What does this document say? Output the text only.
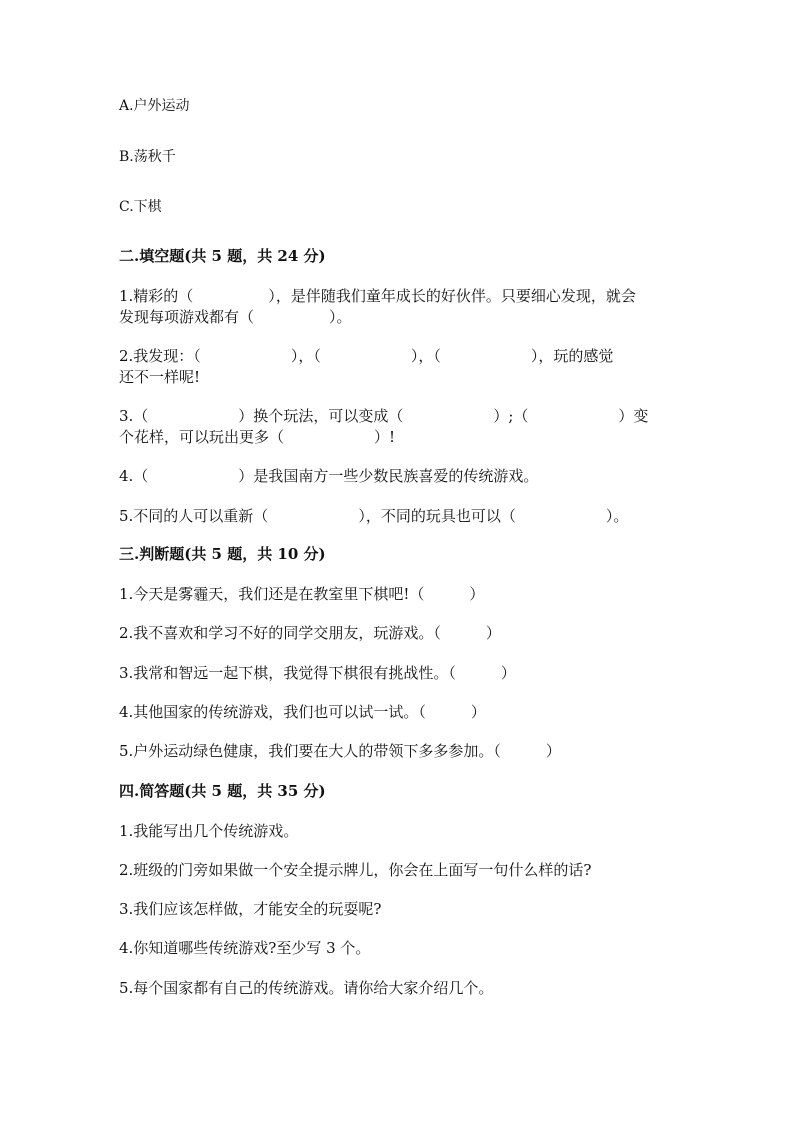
A.户外运动
B.荡秋千
C.下棋
二.填空题(共 5 题，共 24 分)
1.精彩的（　　　　　），是伴随我们童年成长的好伙伴。只要细心发现，就会
发现每项游戏都有（　　　　　）。
2.我发现：（　　　　　　），（　　　　　　），（　　　　　　），玩的感觉
还不一样呢!
3.（　　　　　　）换个玩法，可以变成（　　　　　　）;（　　　　　　）变
个花样，可以玩出更多（　　　　　　）!
4.（　　　　　　）是我国南方一些少数民族喜爱的传统游戏。
5.不同的人可以重新（　　　　　　），不同的玩具也可以（　　　　　　）。
三.判断题(共 5 题，共 10 分)
1.今天是雾霾天，我们还是在教室里下棋吧!（　　　）
2.我不喜欢和学习不好的同学交朋友，玩游戏。（　　　）
3.我常和智远一起下棋，我觉得下棋很有挑战性。（　　　）
4.其他国家的传统游戏，我们也可以试一试。（　　　）
5.户外运动绿色健康，我们要在大人的带领下多多参加。（　　　）
四.简答题(共 5 题，共 35 分)
1.我能写出几个传统游戏。
2.班级的门旁如果做一个安全提示牌儿，你会在上面写一句什么样的话?
3.我们应该怎样做，才能安全的玩耍呢?
4.你知道哪些传统游戏?至少写 3 个。
5.每个国家都有自己的传统游戏。请你给大家介绍几个。
